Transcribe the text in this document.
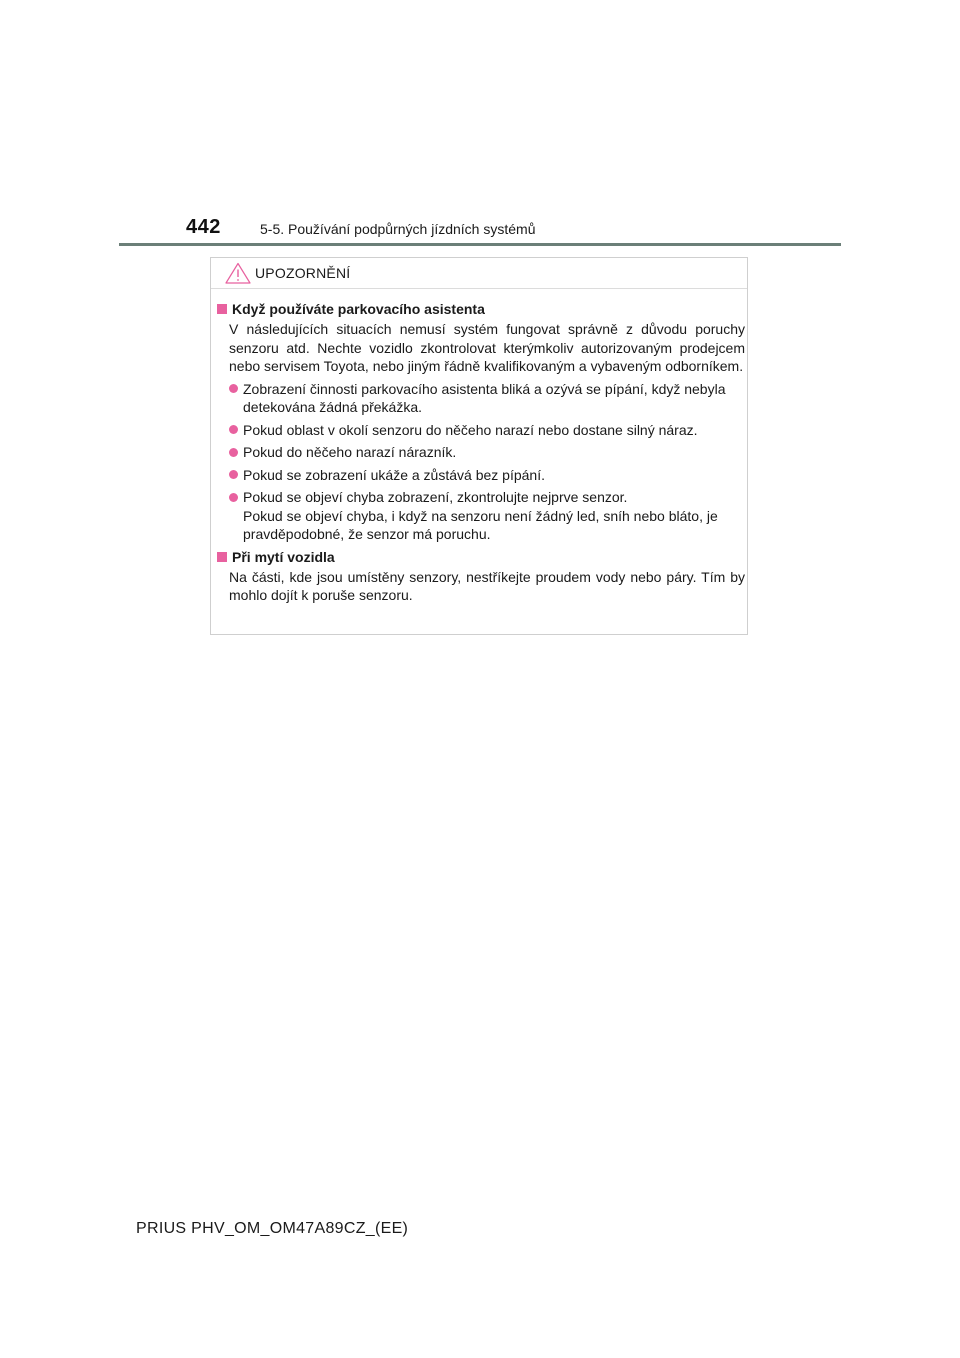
442	5-5. Používání podpůrných jízdních systémů
UPOZORNĚNÍ
Když používáte parkovacího asistenta
V následujících situacích nemusí systém fungovat správně z důvodu poruchy senzoru atd. Nechte vozidlo zkontrolovat kterýmkoliv autorizovaným prodejcem nebo servisem Toyota, nebo jiným řádně kvalifikovaným a vybaveným odborníkem.
Zobrazení činnosti parkovacího asistenta bliká a ozývá se pípání, když nebyla detekována žádná překážka.
Pokud oblast v okolí senzoru do něčeho narazí nebo dostane silný náraz.
Pokud do něčeho narazí nárazník.
Pokud se zobrazení ukáže a zůstává bez pípání.
Pokud se objeví chyba zobrazení, zkontrolujte nejprve senzor.
Pokud se objeví chyba, i když na senzoru není žádný led, sníh nebo bláto, je pravděpodobné, že senzor má poruchu.
Při mytí vozidla
Na části, kde jsou umístěny senzory, nestříkejte proudem vody nebo páry. Tím by mohlo dojít k poruše senzoru.
PRIUS PHV_OM_OM47A89CZ_(EE)
